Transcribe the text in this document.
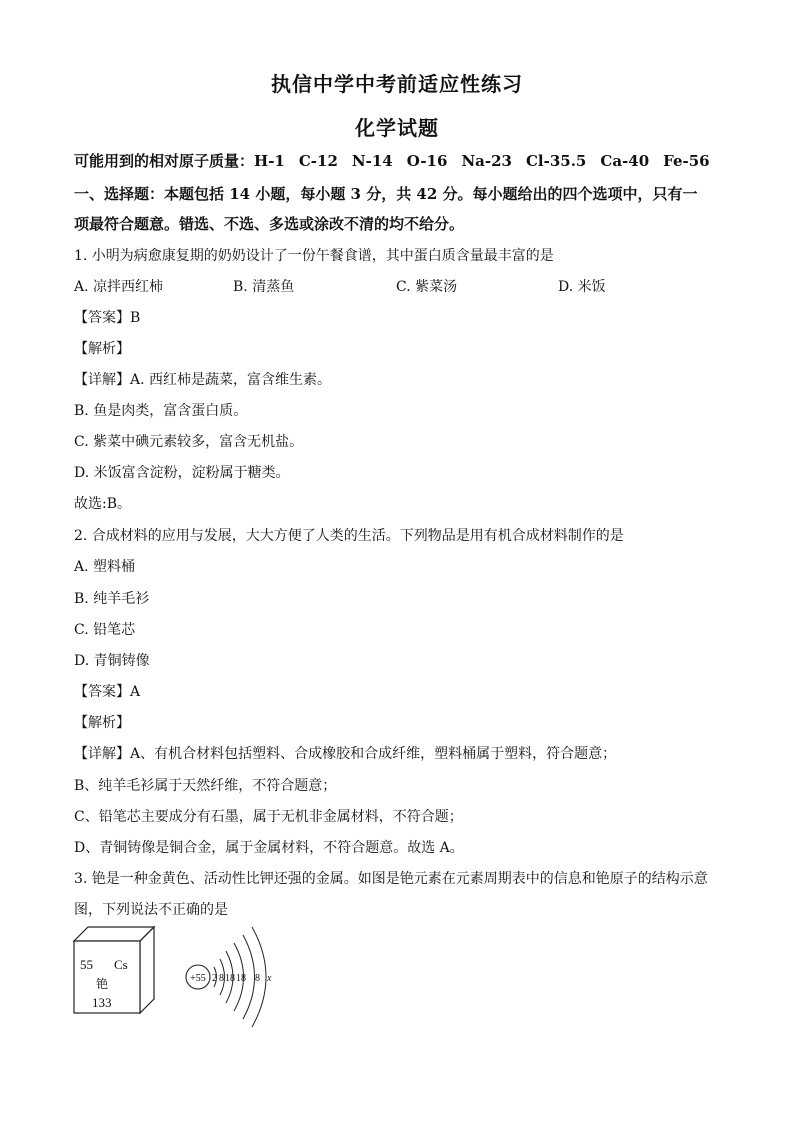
执信中学中考前适应性练习
化学试题
可能用到的相对原子质量：H-1 C-12 N-14 O-16 Na-23 Cl-35.5 Ca-40 Fe-56
一、选择题：本题包括 14 小题，每小题 3 分，共 42 分。每小题给出的四个选项中，只有一
项最符合题意。错选、不选、多选或涂改不清的均不给分。
1. 小明为病愈康复期的奶奶设计了一份午餐食谱，其中蛋白质含量最丰富的是
A. 凉拌西红柿	B. 清蒸鱼	C. 紫菜汤	D. 米饭
【答案】B
【解析】
【详解】A. 西红柿是蔬菜，富含维生素。
B. 鱼是肉类，富含蛋白质。
C. 紫菜中碘元素较多，富含无机盐。
D. 米饭富含淀粉，淀粉属于糖类。
故选:B。
2. 合成材料的应用与发展，大大方便了人类的生活。下列物品是用有机合成材料制作的是
A. 塑料桶
B. 纯羊毛衫
C. 铅笔芯
D. 青铜铸像
【答案】A
【解析】
【详解】A、有机合材料包括塑料、合成橡胶和合成纤维，塑料桶属于塑料，符合题意；
B、纯羊毛衫属于天然纤维，不符合题意；
C、铅笔芯主要成分有石墨，属于无机非金属材料，不符合题；
D、青铜铸像是铜合金，属于金属材料，不符合题意。故选 A。
3. 铯是一种金黄色、活动性比钾还强的金属。如图是铯元素在元素周期表中的信息和铯原子的结构示意
图，下列说法不正确的是
55 Cs
铯
133
+55 2 8 18 18 8 x
